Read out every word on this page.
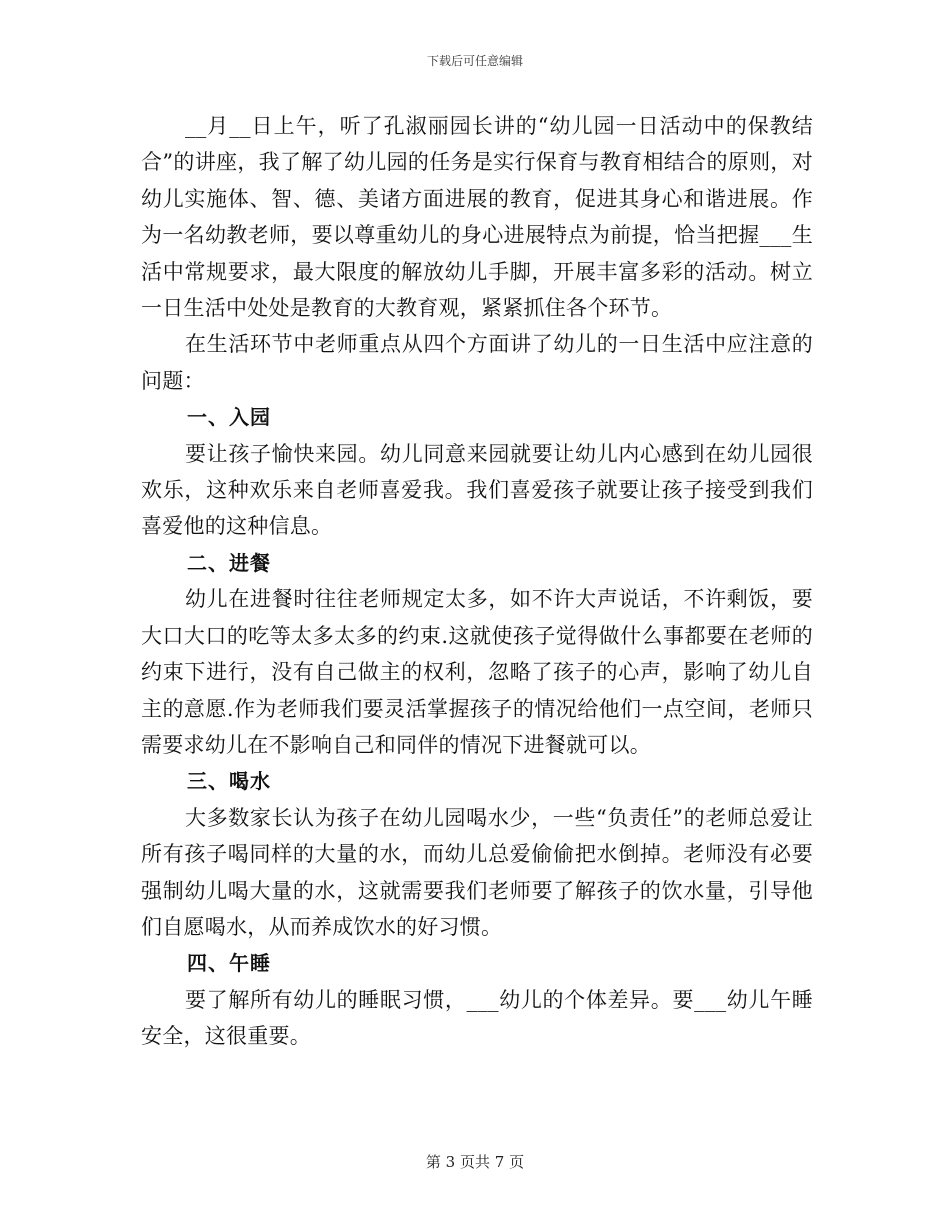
下载后可任意编辑

__月__日上午，听了孔淑丽园长讲的“幼儿园一日活动中的保教结合”的讲座，我了解了幼儿园的任务是实行保育与教育相结合的原则，对幼儿实施体、智、德、美诸方面进展的教育，促进其身心和谐进展。作为一名幼教老师，要以尊重幼儿的身心进展特点为前提，恰当把握___生活中常规要求，最大限度的解放幼儿手脚，开展丰富多彩的活动。树立一日生活中处处是教育的大教育观，紧紧抓住各个环节。

在生活环节中老师重点从四个方面讲了幼儿的一日生活中应注意的问题：

一、入园

要让孩子愉快来园。幼儿同意来园就要让幼儿内心感到在幼儿园很欢乐，这种欢乐来自老师喜爱我。我们喜爱孩子就要让孩子接受到我们喜爱他的这种信息。

二、进餐

幼儿在进餐时往往老师规定太多，如不许大声说话，不许剩饭，要大口大口的吃等太多太多的约束.这就使孩子觉得做什么事都要在老师的约束下进行，没有自己做主的权利，忽略了孩子的心声，影响了幼儿自主的意愿.作为老师我们要灵活掌握孩子的情况给他们一点空间，老师只需要求幼儿在不影响自己和同伴的情况下进餐就可以。

三、喝水

大多数家长认为孩子在幼儿园喝水少，一些“负责任”的老师总爱让所有孩子喝同样的大量的水，而幼儿总爱偷偷把水倒掉。老师没有必要强制幼儿喝大量的水，这就需要我们老师要了解孩子的饮水量，引导他们自愿喝水，从而养成饮水的好习惯。

四、午睡

要了解所有幼儿的睡眠习惯，___幼儿的个体差异。要___幼儿午睡安全，这很重要。

第 3 页共 7 页
